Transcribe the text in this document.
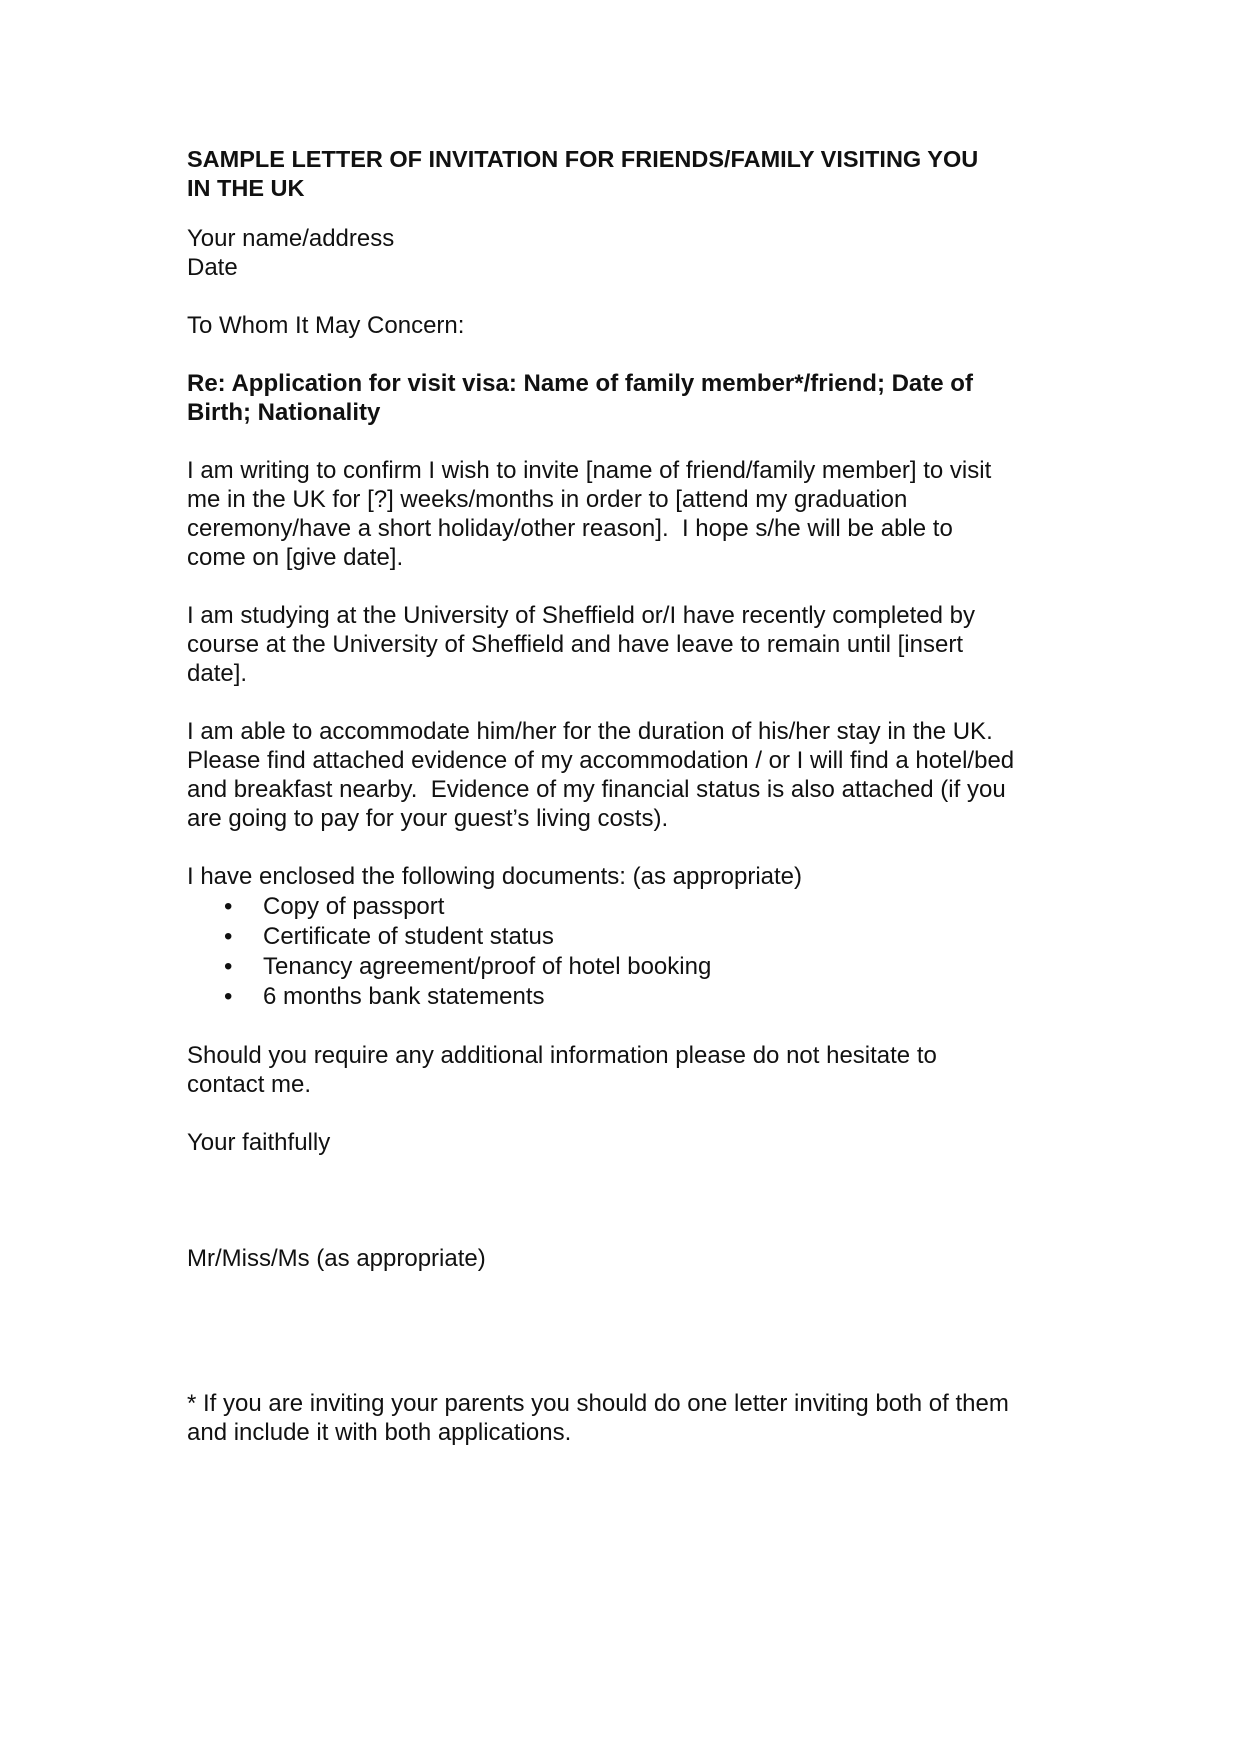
SAMPLE LETTER OF INVITATION FOR FRIENDS/FAMILY VISITING YOU
IN THE UK
Your name/address
Date
To Whom It May Concern:
Re: Application for visit visa: Name of family member*/friend; Date of
Birth; Nationality
I am writing to confirm I wish to invite [name of friend/family member] to visit
me in the UK for [?] weeks/months in order to [attend my graduation
ceremony/have a short holiday/other reason].  I hope s/he will be able to
come on [give date].
I am studying at the University of Sheffield or/I have recently completed by
course at the University of Sheffield and have leave to remain until [insert
date].
I am able to accommodate him/her for the duration of his/her stay in the UK.
Please find attached evidence of my accommodation / or I will find a hotel/bed
and breakfast nearby.  Evidence of my financial status is also attached (if you
are going to pay for your guest’s living costs).
I have enclosed the following documents: (as appropriate)
• Copy of passport
• Certificate of student status
• Tenancy agreement/proof of hotel booking
• 6 months bank statements
Should you require any additional information please do not hesitate to
contact me.
Your faithfully
Mr/Miss/Ms (as appropriate)
* If you are inviting your parents you should do one letter inviting both of them
and include it with both applications.
